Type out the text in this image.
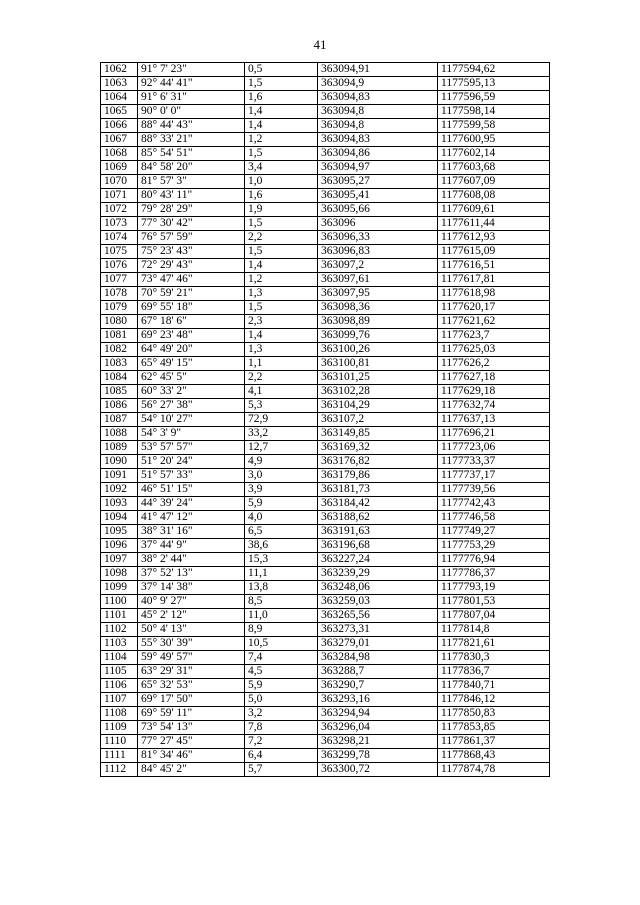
41
1062	91° 7' 23"	0,5	363094,91	1177594,62
1063	92° 44' 41"	1,5	363094,9	1177595,13
1064	91° 6' 31"	1,6	363094,83	1177596,59
1065	90° 0' 0"	1,4	363094,8	1177598,14
1066	88° 44' 43"	1,4	363094,8	1177599,58
1067	88° 33' 21"	1,2	363094,83	1177600,95
1068	85° 54' 51"	1,5	363094,86	1177602,14
1069	84° 58' 20"	3,4	363094,97	1177603,68
1070	81° 57' 3"	1,0	363095,27	1177607,09
1071	80° 43' 11"	1,6	363095,41	1177608,08
1072	79° 28' 29"	1,9	363095,66	1177609,61
1073	77° 30' 42"	1,5	363096	1177611,44
1074	76° 57' 59"	2,2	363096,33	1177612,93
1075	75° 23' 43"	1,5	363096,83	1177615,09
1076	72° 29' 43"	1,4	363097,2	1177616,51
1077	73° 47' 46"	1,2	363097,61	1177617,81
1078	70° 59' 21"	1,3	363097,95	1177618,98
1079	69° 55' 18"	1,5	363098,36	1177620,17
1080	67° 18' 6"	2,3	363098,89	1177621,62
1081	69° 23' 48"	1,4	363099,76	1177623,7
1082	64° 49' 20"	1,3	363100,26	1177625,03
1083	65° 49' 15"	1,1	363100,81	1177626,2
1084	62° 45' 5"	2,2	363101,25	1177627,18
1085	60° 33' 2"	4,1	363102,28	1177629,18
1086	56° 27' 38"	5,3	363104,29	1177632,74
1087	54° 10' 27"	72,9	363107,2	1177637,13
1088	54° 3' 9"	33,2	363149,85	1177696,21
1089	53° 57' 57"	12,7	363169,32	1177723,06
1090	51° 20' 24"	4,9	363176,82	1177733,37
1091	51° 57' 33"	3,0	363179,86	1177737,17
1092	46° 51' 15"	3,9	363181,73	1177739,56
1093	44° 39' 24"	5,9	363184,42	1177742,43
1094	41° 47' 12"	4,0	363188,62	1177746,58
1095	38° 31' 16"	6,5	363191,63	1177749,27
1096	37° 44' 9"	38,6	363196,68	1177753,29
1097	38° 2' 44"	15,3	363227,24	1177776,94
1098	37° 52' 13"	11,1	363239,29	1177786,37
1099	37° 14' 38"	13,8	363248,06	1177793,19
1100	40° 9' 27"	8,5	363259,03	1177801,53
1101	45° 2' 12"	11,0	363265,56	1177807,04
1102	50° 4' 13"	8,9	363273,31	1177814,8
1103	55° 30' 39"	10,5	363279,01	1177821,61
1104	59° 49' 57"	7,4	363284,98	1177830,3
1105	63° 29' 31"	4,5	363288,7	1177836,7
1106	65° 32' 53"	5,9	363290,7	1177840,71
1107	69° 17' 50"	5,0	363293,16	1177846,12
1108	69° 59' 11"	3,2	363294,94	1177850,83
1109	73° 54' 13"	7,8	363296,04	1177853,85
1110	77° 27' 45"	7,2	363298,21	1177861,37
1111	81° 34' 46"	6,4	363299,78	1177868,43
1112	84° 45' 2"	5,7	363300,72	1177874,78
